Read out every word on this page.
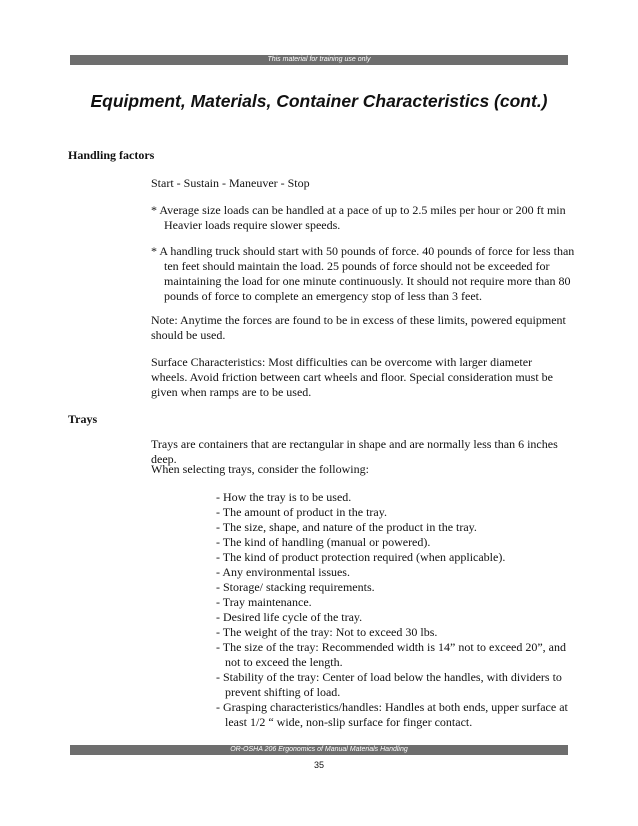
This material for training use only
Equipment, Materials, Container Characteristics (cont.)
Handling factors
Start - Sustain - Maneuver - Stop
* Average size loads can be handled at a pace of up to 2.5 miles per hour or 200 ft min Heavier loads require slower speeds.
* A handling truck should start with 50 pounds of force. 40 pounds of force for less than ten feet should maintain the load. 25 pounds of force should not be exceeded for maintaining the load for one minute continuously. It should not require more than 80 pounds of force to complete an emergency stop of less than 3 feet.
Note: Anytime the forces are found to be in excess of these limits, powered equipment should be used.
Surface Characteristics: Most difficulties can be overcome with larger diameter wheels. Avoid friction between cart wheels and floor. Special consideration must be given when ramps are to be used.
Trays
Trays are containers that are rectangular in shape and are normally less than 6 inches deep.
When selecting trays, consider the following:
- How the tray is to be used.
- The amount of product in the tray.
- The size, shape, and nature of the product in the tray.
- The kind of handling (manual or powered).
- The kind of product protection required (when applicable).
- Any environmental issues.
- Storage/ stacking requirements.
- Tray maintenance.
- Desired life cycle of the tray.
- The weight of the tray: Not to exceed 30 lbs.
- The size of the tray: Recommended width is 14” not to exceed 20”, and not to exceed the length.
- Stability of the tray: Center of load below the handles, with dividers to prevent shifting of load.
- Grasping characteristics/handles: Handles at both ends, upper surface at least 1/2 “ wide, non-slip surface for finger contact.
OR-OSHA 206 Ergonomics of Manual Materials Handling
35
